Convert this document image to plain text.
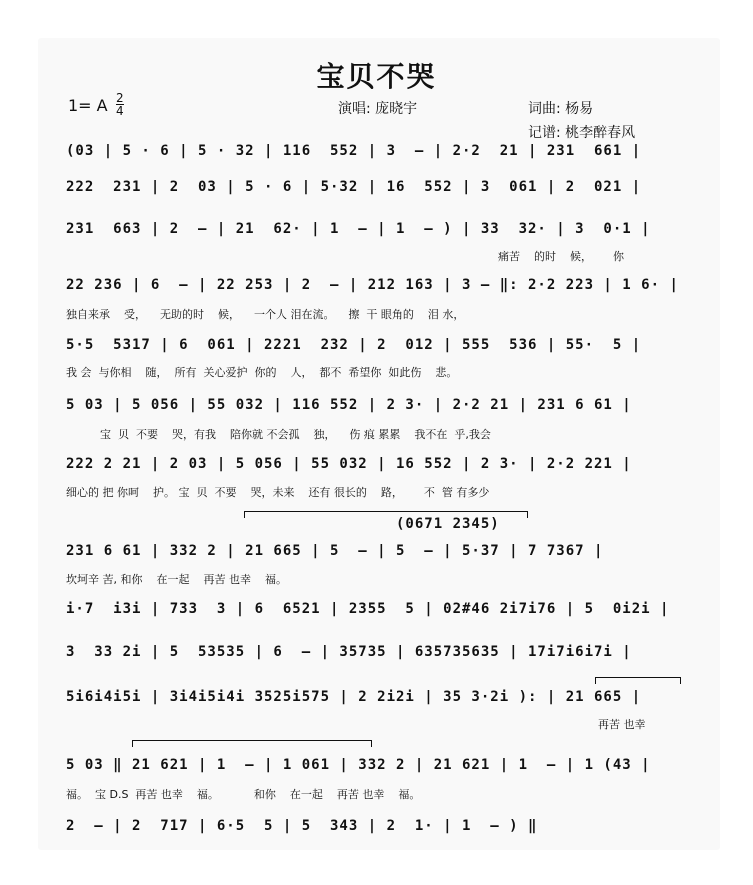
宝贝不哭
1= A $\frac{2}{4}$	演唱: 庞晓宇	词曲: 杨易
记谱: 桃李醉春风
(03 | 5 · 6 | 5 · 32 | 116  552 | 3  – | 2·2  21 | 231  661 |
222  231 | 2  03 | 5 · 6 | 5·32 | 16  552 | 3  061 | 2  021 |
231  663 | 2  – | 21  62· | 1  – | 1  – ) | 33  32· | 3  0·1 |
痛苦    的时    候，      你
22 236 | 6  – | 22 253 | 2  – | 212 163 | 3 – ‖: 2·2 223 | 1 6· |
独自来承    受，    无助的时    候，    一个人 泪在流。    擦  干 眼角的    泪 水，
5·5  5317 | 6  061 | 2221  232 | 2  012 | 555  536 | 55·  5 |
我 会  与你相    随，  所有  关心爱护  你的    人，  都不  希望你  如此伤    悲。
5 03 | 5 056 | 55 032 | 116 552 | 2 3· | 2·2 21 | 231 6 61 |
宝  贝  不要    哭，有我    陪你就 不会孤    独，    伤 痕 累累    我不在  乎,我会
222 2 21 | 2 03 | 5 056 | 55 032 | 16 552 | 2 3· | 2·2 221 |
细心的 把 你呵    护。 宝  贝  不要    哭，未来    还有 很长的    路，      不  管 有多少
(0671 2345)
231 6 61 | 332 2 | 21 665 | 5  – | 5  – | 5·37 | 7 7367 |
坎坷辛 苦, 和你    在一起    再苦 也幸    福。
i·7  i3i | 733  3 | 6  6521 | 2355  5 | 02#46 2i7i76 | 5  0i2i |
3  33 2i | 5  53535 | 6  – | 35735 | 635735635 | 17i7i6i7i |
5i6i4i5i | 3i4i5i4i 3525i575 | 2 2i2i | 35 3·2i ): | 21 665 |
再苦 也幸
5 03 ‖ 21 621 | 1  – | 1 061 | 332 2 | 21 621 | 1  – | 1 (43 |
福。  宝 D.S  再苦 也幸    福。          和你    在一起    再苦 也幸    福。
2  – | 2  717 | 6·5  5 | 5  343 | 2  1· | 1  – ) ‖
